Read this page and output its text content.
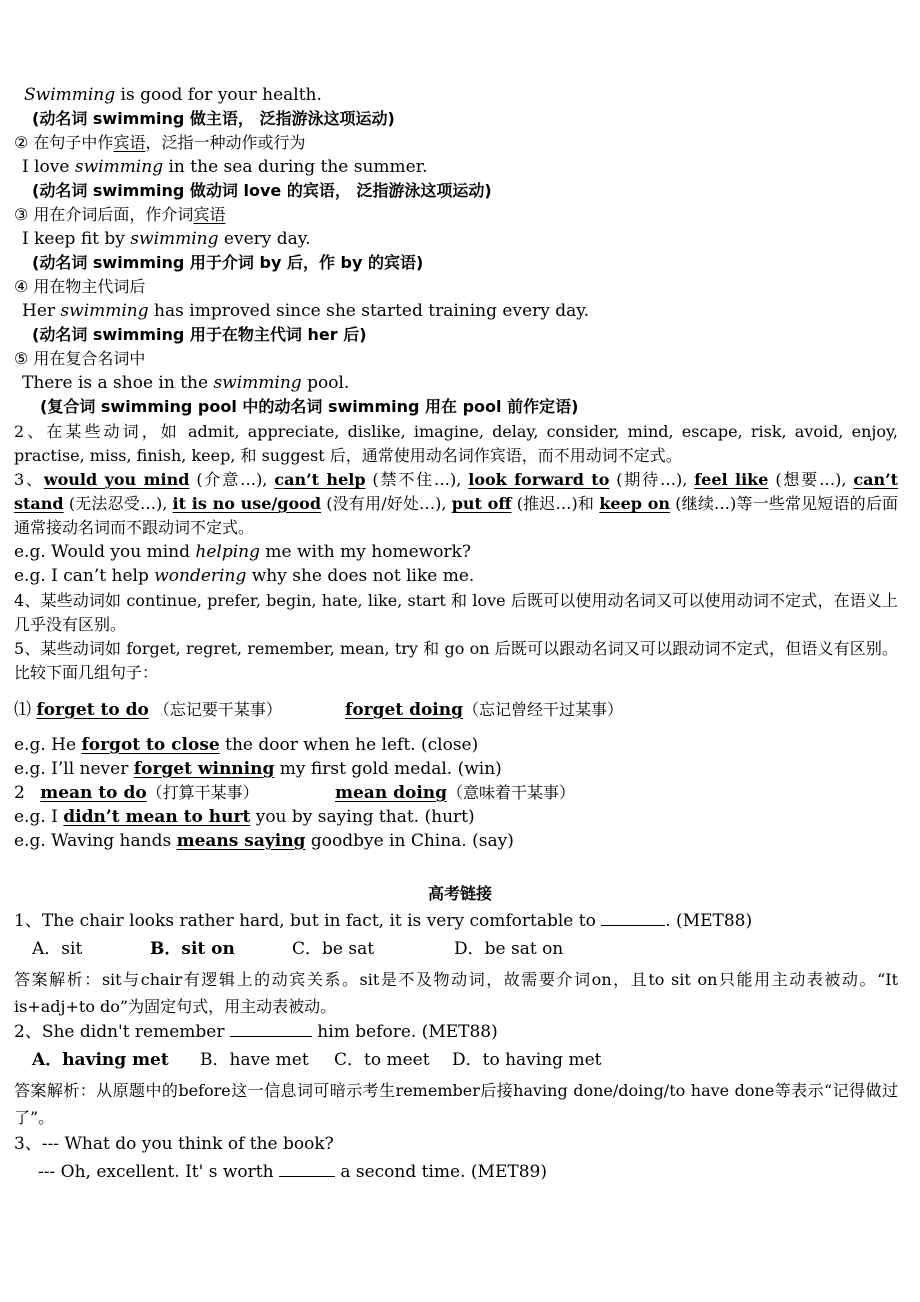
Swimming is good for your health.
(动名词 swimming 做主语， 泛指游泳这项运动)
② 在句子中作宾语，泛指一种动作或行为
I love swimming in the sea during the summer.
(动名词 swimming 做动词 love 的宾语， 泛指游泳这项运动)
③ 用在介词后面，作介词宾语
I keep fit by swimming every day.
(动名词 swimming 用于介词 by 后，作 by 的宾语)
④ 用在物主代词后
Her swimming has improved since she started training every day.
(动名词 swimming 用于在物主代词 her 后)
⑤ 用在复合名词中
There is a shoe in the swimming pool.
(复合词 swimming pool 中的动名词 swimming 用在 pool 前作定语)
2、在某些动词，如 admit, appreciate, dislike, imagine, delay, consider, mind, escape, risk, avoid, enjoy, practise, miss, finish, keep, 和 suggest 后，通常使用动名词作宾语，而不用动词不定式。
3、would you mind (介意…), can’t help (禁不住…), look forward to (期待…), feel like (想要…), can’t stand (无法忍受…), it is no use/good (没有用/好处…), put off (推迟…)和 keep on (继续…)等一些常见短语的后面通常接动名词而不跟动词不定式。
e.g. Would you mind helping me with my homework?
e.g. I can’t help wondering why she does not like me.
4、某些动词如 continue, prefer, begin, hate, like, start 和 love 后既可以使用动名词又可以使用动词不定式，在语义上几乎没有区别。
5、某些动词如 forget, regret, remember, mean, try 和 go on 后既可以跟动名词又可以跟动词不定式，但语义有区别。比较下面几组句子：
⑴ forget to do （忘记要干某事）	forget doing（忘记曾经干过某事）
e.g. He forgot to close the door when he left. (close)
e.g. I’ll never forget winning my first gold medal. (win)
2 mean to do（打算干某事）	mean doing（意味着干某事）
e.g. I didn’t mean to hurt you by saying that. (hurt)
e.g. Waving hands means saying goodbye in China. (say)
高考链接
1、The chair looks rather hard, but in fact, it is very comfortable to	. (MET88)
A．sit	B．sit on	C．be sat	D．be sat on
答案解析：sit与chair有逻辑上的动宾关系。sit是不及物动词，故需要介词on，且to sit on只能用主动表被动。“It is+adj+to do”为固定句式，用主动表被动。
2、She didn't remember	him before. (MET88)
A．having met B．have met C．to meet D．to having met
答案解析：从原题中的before这一信息词可暗示考生remember后接having done/doing/to have done等表示“记得做过了”。
3、--- What do you think of the book?
--- Oh, excellent. It' s worth	a second time. (MET89)
